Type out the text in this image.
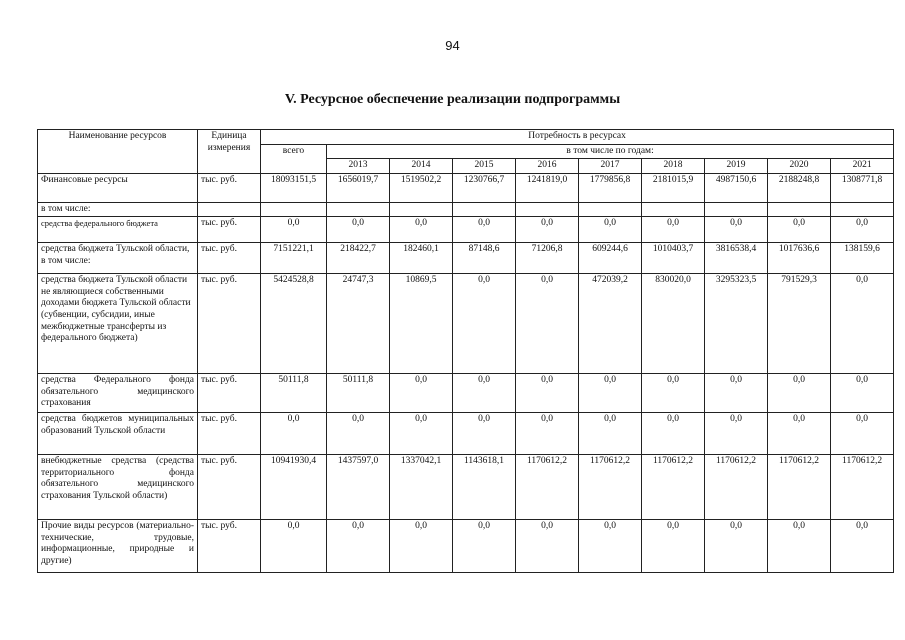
94
V. Ресурсное обеспечение реализации подпрограммы
Наименование ресурсов	Единица измерения	Потребность в ресурсах									
		всего	в том числе по годам:								
			2013	2014	2015	2016	2017	2018	2019	2020	2021
Финансовые ресурсы	тыс. руб.	18093151,5	1656019,7	1519502,2	1230766,7	1241819,0	1779856,8	2181015,9	4987150,6	2188248,8	1308771,8
в том числе:											
средства федерального бюджета	тыс. руб.	0,0	0,0	0,0	0,0	0,0	0,0	0,0	0,0	0,0	0,0
средства бюджета Тульской области, в том числе:	тыс. руб.	7151221,1	218422,7	182460,1	87148,6	71206,8	609244,6	1010403,7	3816538,4	1017636,6	138159,6
средства бюджета Тульской области не являющиеся собственными доходами бюджета Тульской области (субвенции, субсидии, иные межбюджетные трансферты из федерального бюджета)	тыс. руб.	5424528,8	24747,3	10869,5	0,0	0,0	472039,2	830020,0	3295323,5	791529,3	0,0
средства Федерального фонда обязательного медицинского страхования	тыс. руб.	50111,8	50111,8	0,0	0,0	0,0	0,0	0,0	0,0	0,0	0,0
средства бюджетов муниципальных образований Тульской области	тыс. руб.	0,0	0,0	0,0	0,0	0,0	0,0	0,0	0,0	0,0	0,0
внебюджетные средства (средства территориального фонда обязательного медицинского страхования Тульской области)	тыс. руб.	10941930,4	1437597,0	1337042,1	1143618,1	1170612,2	1170612,2	1170612,2	1170612,2	1170612,2	1170612,2
Прочие виды ресурсов (материально-технические, трудовые, информационные, природные и другие)	тыс. руб.	0,0	0,0	0,0	0,0	0,0	0,0	0,0	0,0	0,0	0,0
